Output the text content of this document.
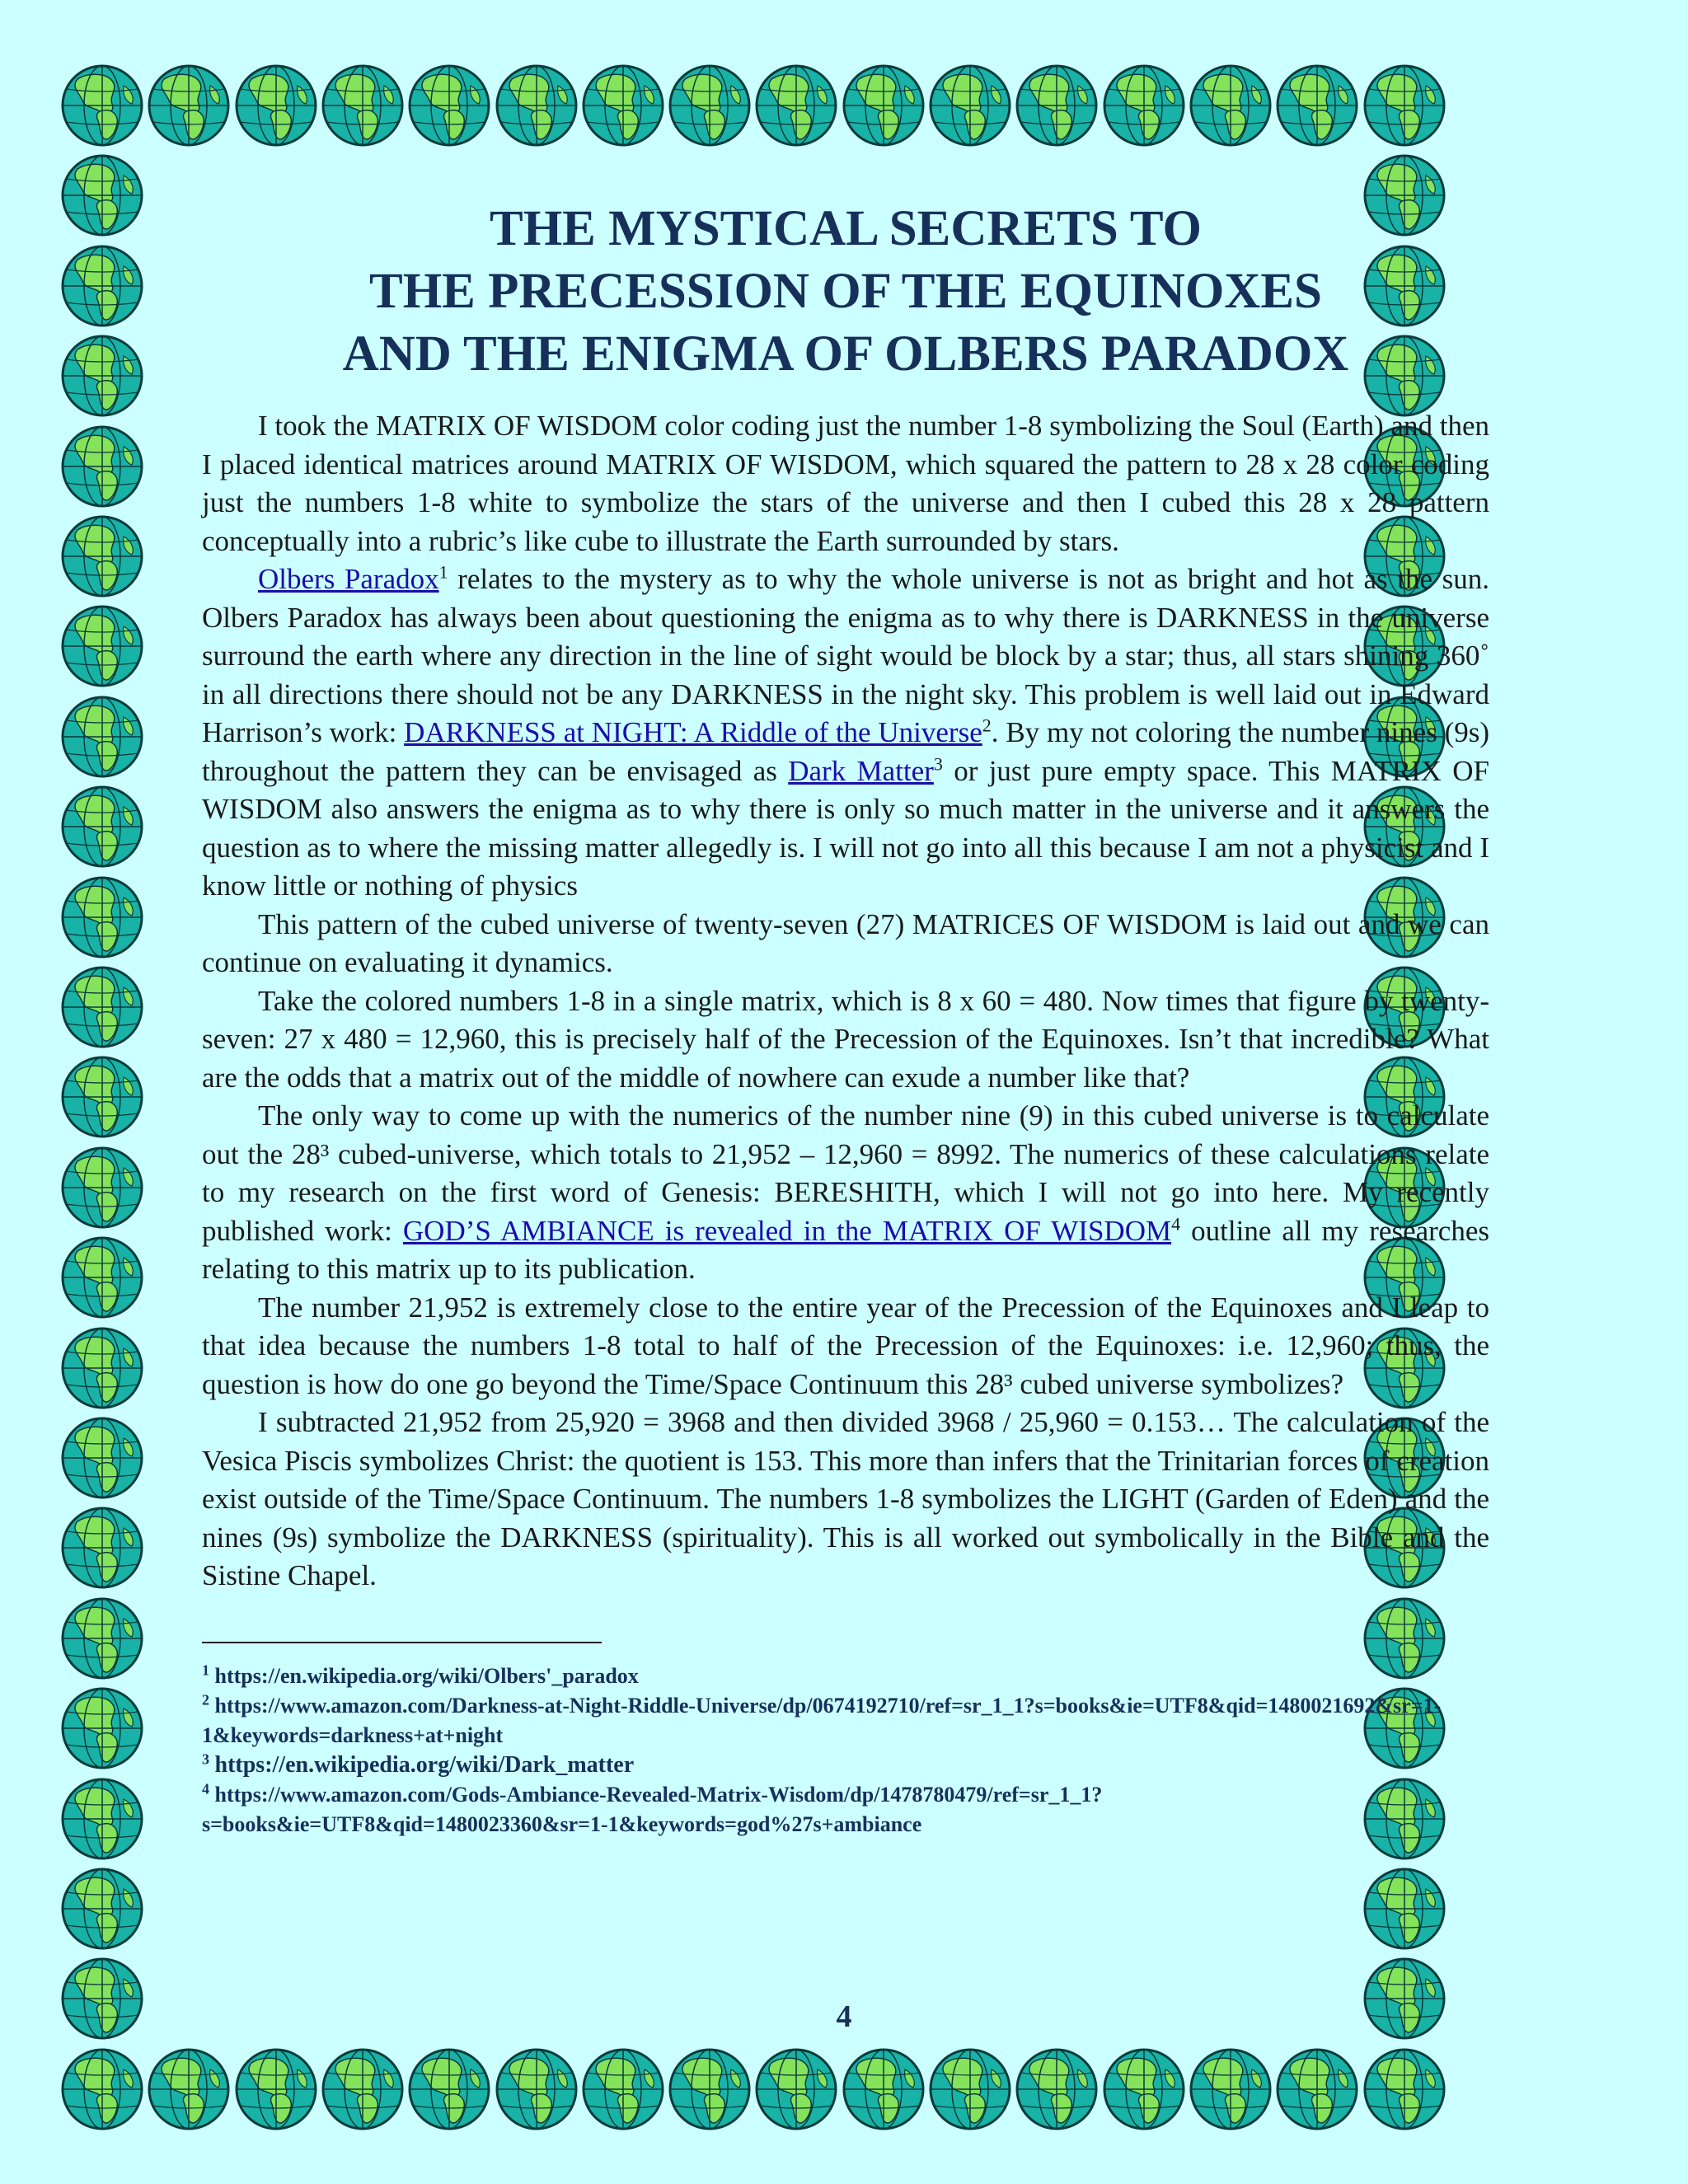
THE MYSTICAL SECRETS TO
THE PRECESSION OF THE EQUINOXES
AND THE ENIGMA OF OLBERS PARADOX

I took the MATRIX OF WISDOM color coding just the number 1-8 symbolizing the Soul (Earth) and then I placed identical matrices around MATRIX OF WISDOM, which squared the pattern to 28 x 28 color coding just the numbers 1-8 white to symbolize the stars of the universe and then I cubed this 28 x 28 pattern conceptually into a rubric’s like cube to illustrate the Earth surrounded by stars.

Olbers Paradox$^1$ relates to the mystery as to why the whole universe is not as bright and hot as the sun. Olbers Paradox has always been about questioning the enigma as to why there is DARKNESS in the universe surround the earth where any direction in the line of sight would be block by a star; thus, all stars shining 360˚ in all directions there should not be any DARKNESS in the night sky. This problem is well laid out in Edward Harrison’s work: DARKNESS at NIGHT: A Riddle of the Universe$^2$. By my not coloring the number nines (9s) throughout the pattern they can be envisaged as Dark Matter$^3$ or just pure empty space. This MATRIX OF WISDOM also answers the enigma as to why there is only so much matter in the universe and it answers the question as to where the missing matter allegedly is. I will not go into all this because I am not a physicist and I know little or nothing of physics

This pattern of the cubed universe of twenty-seven (27) MATRICES OF WISDOM is laid out and we can continue on evaluating it dynamics.

Take the colored numbers 1-8 in a single matrix, which is 8 x 60 = 480. Now times that figure by twenty-seven: 27 x 480 = 12,960, this is precisely half of the Precession of the Equinoxes. Isn’t that incredible? What are the odds that a matrix out of the middle of nowhere can exude a number like that?

The only way to come up with the numerics of the number nine (9) in this cubed universe is to calculate out the 28³ cubed-universe, which totals to 21,952 – 12,960 = 8992. The numerics of these calculations relate to my research on the first word of Genesis: BERESHITH, which I will not go into here. My recently published work: GOD’S AMBIANCE is revealed in the MATRIX OF WISDOM$^4$ outline all my researches relating to this matrix up to its publication.

The number 21,952 is extremely close to the entire year of the Precession of the Equinoxes and I leap to that idea because the numbers 1-8 total to half of the Precession of the Equinoxes: i.e. 12,960; thus, the question is how do one go beyond the Time/Space Continuum this 28³ cubed universe symbolizes?

I subtracted 21,952 from 25,920 = 3968 and then divided 3968 / 25,960 = 0.153… The calculation of the Vesica Piscis symbolizes Christ: the quotient is 153. This more than infers that the Trinitarian forces of creation exist outside of the Time/Space Continuum. The numbers 1-8 symbolizes the LIGHT (Garden of Eden) and the nines (9s) symbolize the DARKNESS (spirituality). This is all worked out symbolically in the Bible and the Sistine Chapel.

$^1$ https://en.wikipedia.org/wiki/Olbers'_paradox

$^2$ https://www.amazon.com/Darkness-at-Night-Riddle-Universe/dp/0674192710/ref=sr_1_1?s=books&ie=UTF8&qid=1480021692&sr=1-1&keywords=darkness+at+night

$^3$ https://en.wikipedia.org/wiki/Dark_matter

$^4$ https://www.amazon.com/Gods-Ambiance-Revealed-Matrix-Wisdom/dp/1478780479/ref=sr_1_1?s=books&ie=UTF8&qid=1480023360&sr=1-1&keywords=god%27s+ambiance

4
